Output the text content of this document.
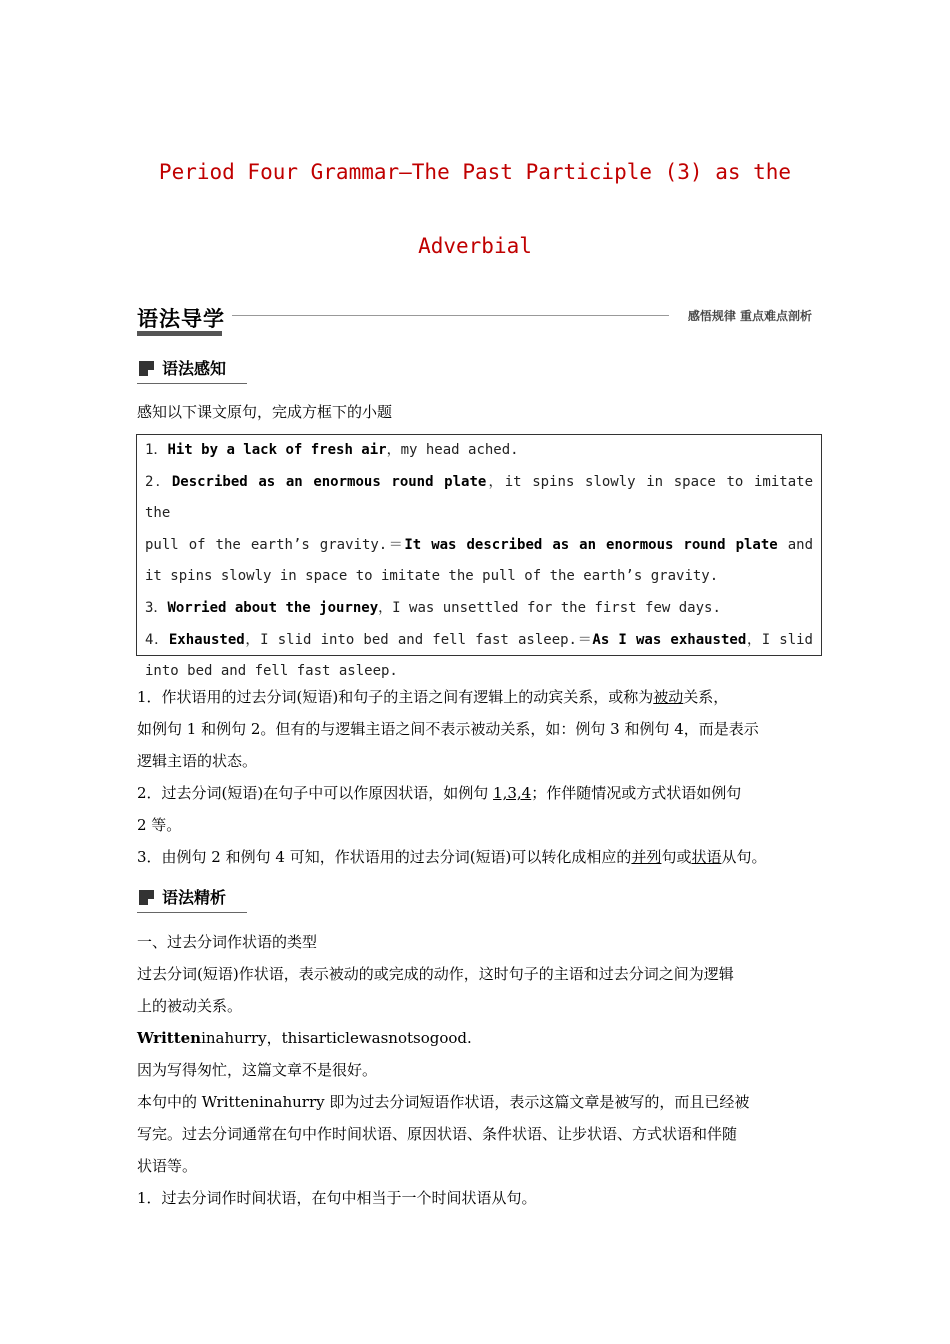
Period Four Grammar—The Past Participle (3) as the
Adverbial
语法导学	感悟规律 重点难点剖析
语法感知
感知以下课文原句，完成方框下的小题
1．Hit by a lack of fresh air，my head ached.
2．Described as an enormous round plate，it spins slowly in space to imitate the
pull of the earth’s gravity.＝It was described as an enormous round plate and
it spins slowly in space to imitate the pull of the earth’s gravity.
3．Worried about the journey，I was unsettled for the first few days.
4．Exhausted，I slid into bed and fell fast asleep.＝As I was exhausted，I slid
into bed and fell fast asleep.
1．作状语用的过去分词(短语)和句子的主语之间有逻辑上的动宾关系，或称为被动关系，
如例句 1 和例句 2。但有的与逻辑主语之间不表示被动关系，如：例句 3 和例句 4，而是表示
逻辑主语的状态。
2．过去分词(短语)在句子中可以作原因状语，如例句 1,3,4；作伴随情况或方式状语如例句
2 等。
3．由例句 2 和例句 4 可知，作状语用的过去分词(短语)可以转化成相应的并列句或状语从句。
语法精析
一、过去分词作状语的类型
过去分词(短语)作状语，表示被动的或完成的动作，这时句子的主语和过去分词之间为逻辑
上的被动关系。
Writteninahurry，thisarticlewasnotsogood.
因为写得匆忙，这篇文章不是很好。
本句中的 Writteninahurry 即为过去分词短语作状语，表示这篇文章是被写的，而且已经被
写完。过去分词通常在句中作时间状语、原因状语、条件状语、让步状语、方式状语和伴随
状语等。
1．过去分词作时间状语，在句中相当于一个时间状语从句。
